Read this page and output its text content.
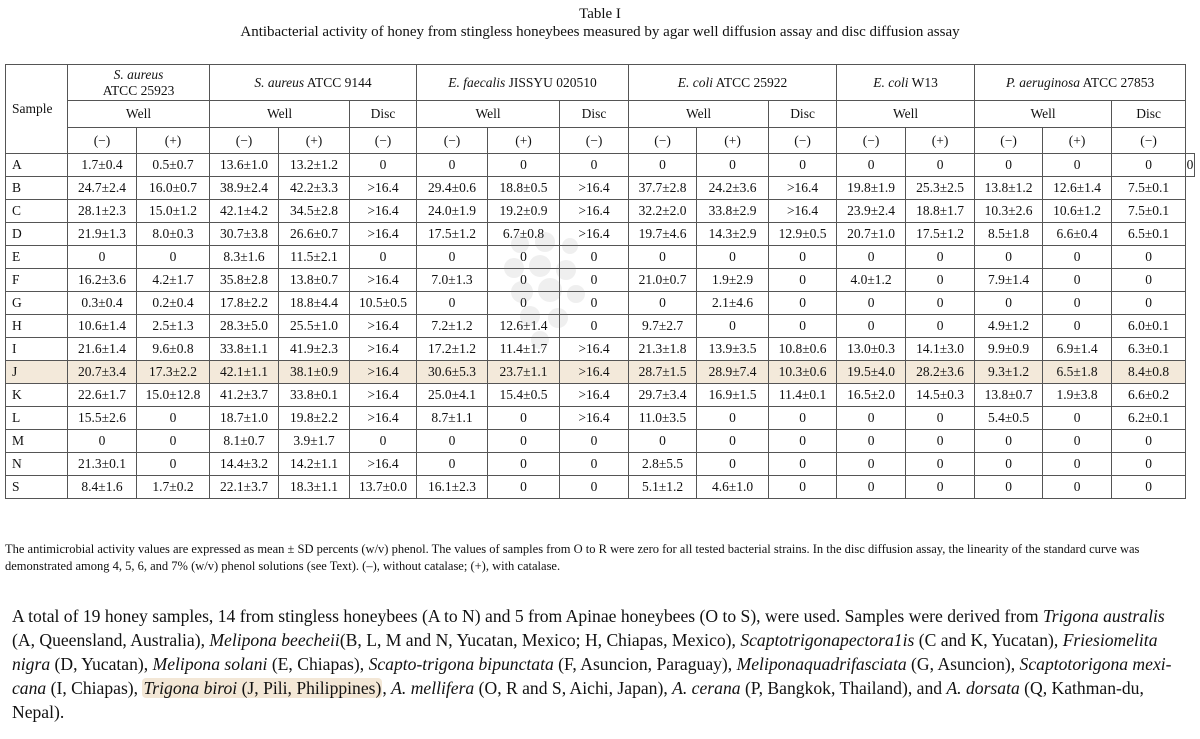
Table I
Antibacterial activity of honey from stingless honeybees measured by agar well diffusion assay and disc diffusion assay
Sample	S. aureus
ATCC 25923		S. aureus ATCC 9144			E. faecalis JISSYU 020510			E. coli ATCC 25922			E. coli W13		P. aeruginosa ATCC 27853			
	Well		Well		Disc	Well		Disc	Well		Disc	Well		Well		Disc	
	(−)	(+)	(−)	(+)	(−)	(−)	(+)	(−)	(−)	(+)	(−)	(−)	(+)	(−)	(+)	(−)	
A	1.7±0.4	0.5±0.7	13.6±1.0	13.2±1.2	0	0	0	0	0	0	0	0	0	0	0	0	0
B	24.7±2.4	16.0±0.7	38.9±2.4	42.2±3.3	>16.4	29.4±0.6	18.8±0.5	>16.4	37.7±2.8	24.2±3.6	>16.4	19.8±1.9	25.3±2.5	13.8±1.2	12.6±1.4	7.5±0.1	
C	28.1±2.3	15.0±1.2	42.1±4.2	34.5±2.8	>16.4	24.0±1.9	19.2±0.9	>16.4	32.2±2.0	33.8±2.9	>16.4	23.9±2.4	18.8±1.7	10.3±2.6	10.6±1.2	7.5±0.1	
D	21.9±1.3	8.0±0.3	30.7±3.8	26.6±0.7	>16.4	17.5±1.2	6.7±0.8	>16.4	19.7±4.6	14.3±2.9	12.9±0.5	20.7±1.0	17.5±1.2	8.5±1.8	6.6±0.4	6.5±0.1	
E	0	0	8.3±1.6	11.5±2.1	0	0	0	0	0	0	0	0	0	0	0	0	
F	16.2±3.6	4.2±1.7	35.8±2.8	13.8±0.7	>16.4	7.0±1.3	0	0	21.0±0.7	1.9±2.9	0	4.0±1.2	0	7.9±1.4	0	0	
G	0.3±0.4	0.2±0.4	17.8±2.2	18.8±4.4	10.5±0.5	0	0	0	0	2.1±4.6	0	0	0	0	0	0	
H	10.6±1.4	2.5±1.3	28.3±5.0	25.5±1.0	>16.4	7.2±1.2	12.6±1.4	0	9.7±2.7	0	0	0	0	4.9±1.2	0	6.0±0.1	
I	21.6±1.4	9.6±0.8	33.8±1.1	41.9±2.3	>16.4	17.2±1.2	11.4±1.7	>16.4	21.3±1.8	13.9±3.5	10.8±0.6	13.0±0.3	14.1±3.0	9.9±0.9	6.9±1.4	6.3±0.1	
J	20.7±3.4	17.3±2.2	42.1±1.1	38.1±0.9	>16.4	30.6±5.3	23.7±1.1	>16.4	28.7±1.5	28.9±7.4	10.3±0.6	19.5±4.0	28.2±3.6	9.3±1.2	6.5±1.8	8.4±0.8	
K	22.6±1.7	15.0±12.8	41.2±3.7	33.8±0.1	>16.4	25.0±4.1	15.4±0.5	>16.4	29.7±3.4	16.9±1.5	11.4±0.1	16.5±2.0	14.5±0.3	13.8±0.7	1.9±3.8	6.6±0.2	
L	15.5±2.6	0	18.7±1.0	19.8±2.2	>16.4	8.7±1.1	0	>16.4	11.0±3.5	0	0	0	0	5.4±0.5	0	6.2±0.1	
M	0	0	8.1±0.7	3.9±1.7	0	0	0	0	0	0	0	0	0	0	0	0	
N	21.3±0.1	0	14.4±3.2	14.2±1.1	>16.4	0	0	0	2.8±5.5	0	0	0	0	0	0	0	
S	8.4±1.6	1.7±0.2	22.1±3.7	18.3±1.1	13.7±0.0	16.1±2.3	0	0	5.1±1.2	4.6±1.0	0	0	0	0	0	0	
The antimicrobial activity values are expressed as mean ± SD percents (w/v) phenol. The values of samples from O to R were zero for all tested bacterial strains. In the disc diffusion assay, the linearity of the standard curve was demonstrated among 4, 5, 6, and 7% (w/v) phenol solutions (see Text). (–), without catalase; (+), with catalase.
A total of 19 honey samples, 14 from stingless honeybees (A to N) and 5 from Apinae honeybees (O to S), were used. Samples were derived from Trigona australis (A, Queensland, Australia), Melipona beecheii(B, L, M and N, Yucatan, Mexico; H, Chiapas, Mexico), Scaptotrigonapectora1is (C and K, Yucatan), Friesiomelita nigra (D, Yucatan), Melipona solani (E, Chiapas), Scapto-trigona bipunctata (F, Asuncion, Paraguay), Meliponaquadrifasciata (G, Asuncion), Scaptotorigona mexi-cana (I, Chiapas), Trigona biroi (J, Pili, Philippines), A. mellifera (O, R and S, Aichi, Japan), A. cerana (P, Bangkok, Thailand), and A. dorsata (Q, Kathman-du, Nepal).
